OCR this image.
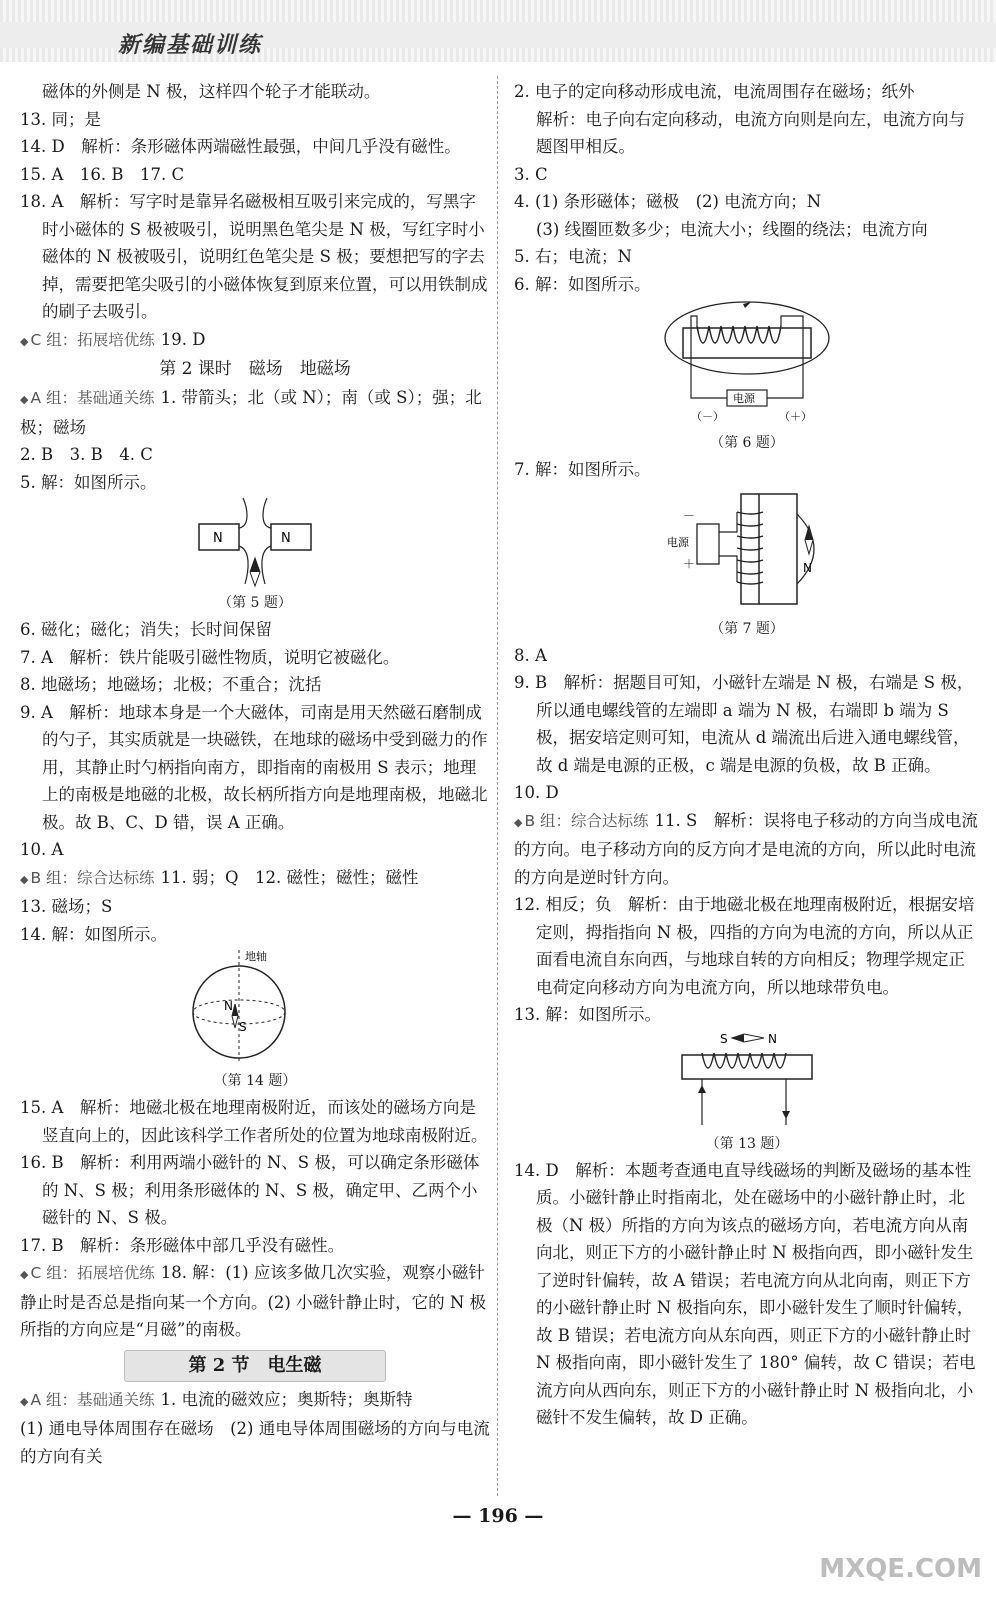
新编基础训练

磁体的外侧是 N 极，这样四个轮子才能联动。

13. 同；是

14. D　解析：条形磁体两端磁性最强，中间几乎没有磁性。

15. A　16. B　17. C

18. A　解析：写字时是靠异名磁极相互吸引来完成的，写黑字时小磁体的 S 极被吸引，说明黑色笔尖是 N 极，写红字时小磁体的 N 极被吸引，说明红色笔尖是 S 极；要想把写的字去掉，需要把笔尖吸引的小磁体恢复到原来位置，可以用铁制成的刷子去吸引。

◆ C 组：拓展培优练 19. D

第 2 课时　磁场　地磁场

◆ A 组：基础通关练 1. 带箭头；北（或 N）；南（或 S）；强；北极；磁场

2. B　3. B　4. C

5. 解：如图所示。

N	N

（第 5 题）

6. 磁化；磁化；消失；长时间保留

7. A　解析：铁片能吸引磁性物质，说明它被磁化。

8. 地磁场；地磁场；北极；不重合；沈括

9. A　解析：地球本身是一个大磁体，司南是用天然磁石磨制成的勺子，其实质就是一块磁铁，在地球的磁场中受到磁力的作用，其静止时勺柄指向南方，即指南的南极用 S 表示；地理上的南极是地磁的北极，故长柄所指方向是地理南极，地磁北极。故 B、C、D 错，误 A 正确。

10. A

◆ B 组：综合达标练 11. 弱；Q　12. 磁性；磁性；磁性

13. 磁场；S

14. 解：如图所示。

地轴
N
S

（第 14 题）

15. A　解析：地磁北极在地理南极附近，而该处的磁场方向是竖直向上的，因此该科学工作者所处的位置为地球南极附近。

16. B　解析：利用两端小磁针的 N、S 极，可以确定条形磁体的 N、S 极；利用条形磁体的 N、S 极，确定甲、乙两个小磁针的 N、S 极。

17. B　解析：条形磁体中部几乎没有磁性。

◆ C 组：拓展培优练 18. 解：(1) 应该多做几次实验，观察小磁针静止时是否总是指向某一个方向。(2) 小磁针静止时，它的 N 极所指的方向应是“月磁”的南极。

第 2 节　电生磁

◆ A 组：基础通关练 1. 电流的磁效应；奥斯特；奥斯特

(1) 通电导体周围存在磁场　(2) 通电导体周围磁场的方向与电流的方向有关

2. 电子的定向移动形成电流，电流周围存在磁场；纸外

解析：电子向右定向移动，电流方向则是向左，电流方向与题图甲相反。

3. C

4. (1) 条形磁体；磁极　(2) 电流方向；N

(3) 线圈匝数多少；电流大小；线圈的绕法；电流方向

5. 右；电流；N

6. 解：如图所示。

电源
（－）	（＋）

（第 6 题）

7. 解：如图所示。

电源
－
＋	N

（第 7 题）

8. A

9. B　解析：据题目可知，小磁针左端是 N 极，右端是 S 极，所以通电螺线管的左端即 a 端为 N 极，右端即 b 端为 S 极，据安培定则可知，电流从 d 端流出后进入通电螺线管，故 d 端是电源的正极，c 端是电源的负极，故 B 正确。

10. D

◆ B 组：综合达标练 11. S　解析：误将电子移动的方向当成电流的方向。电子移动方向的反方向才是电流的方向，所以此时电流的方向是逆时针方向。

12. 相反；负　解析：由于地磁北极在地理南极附近，根据安培定则，拇指指向 N 极，四指的方向为电流的方向，所以从正面看电流自东向西，与地球自转的方向相反；物理学规定正电荷定向移动方向为电流方向，所以地球带负电。

13. 解：如图所示。

S	N

（第 13 题）

14. D　解析：本题考查通电直导线磁场的判断及磁场的基本性质。小磁针静止时指南北，处在磁场中的小磁针静止时，北极（N 极）所指的方向为该点的磁场方向，若电流方向从南向北，则正下方的小磁针静止时 N 极指向西，即小磁针发生了逆时针偏转，故 A 错误；若电流方向从北向南，则正下方的小磁针静止时 N 极指向东，即小磁针发生了顺时针偏转，故 B 错误；若电流方向从东向西，则正下方的小磁针静止时 N 极指向南，即小磁针发生了 180° 偏转，故 C 错误；若电流方向从西向东，则正下方的小磁针静止时 N 极指向北，小磁针不发生偏转，故 D 正确。

— 196 —
MXQE.COM
